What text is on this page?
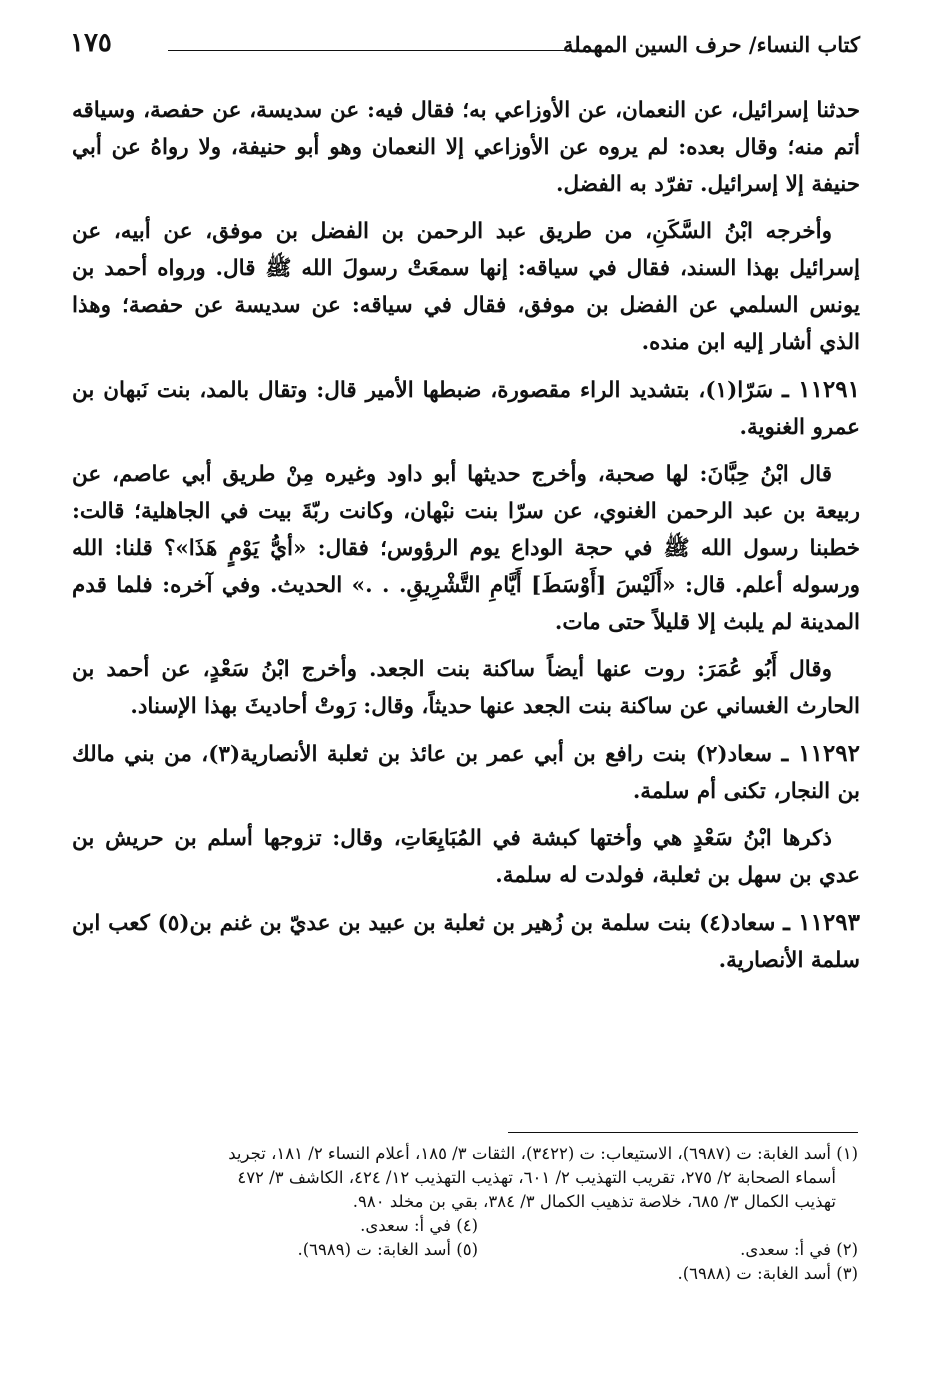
كتاب النساء/ حرف السين المهملة
١٧٥

حدثنا إسرائيل، عن النعمان، عن الأوزاعي به؛ فقال فيه: عن سديسة، عن حفصة، وسياقه أتم منه؛ وقال بعده: لم يروه عن الأوزاعي إلا النعمان وهو أبو حنيفة، ولا رواهُ عن أبي حنيفة إلا إسرائيل. تفرّد به الفضل.

وأخرجه ابْنُ السَّكَنِ، من طريق عبد الرحمن بن الفضل بن موفق، عن أبيه، عن إسرائيل بهذا السند، فقال في سياقه: إنها سمعَتْ رسولَ الله ﷺ قال. ورواه أحمد بن يونس السلمي عن الفضل بن موفق، فقال في سياقه: عن سديسة عن حفصة؛ وهذا الذي أشار إليه ابن منده.

١١٢٩١ ـ سَرّا(١)، بتشديد الراء مقصورة، ضبطها الأمير قال: وتقال بالمد، بنت نَبهان بن عمرو الغنوية.

قال ابْنُ حِبَّانَ: لها صحبة، وأخرج حديثها أبو داود وغيره مِنْ طريق أبي عاصم، عن ربيعة بن عبد الرحمن الغنوي، عن سرّا بنت نبْهان، وكانت ربّةَ بيت في الجاهلية؛ قالت: خطبنا رسول الله ﷺ في حجة الوداع يوم الرؤوس؛ فقال: «أيُّ يَوْمٍ هَذَا»؟ قلنا: الله ورسوله أعلم. قال: «أَلَيْسَ [أَوْسَطَ] أَيَّامِ التَّشْرِيقِ. . .» الحديث. وفي آخره: فلما قدم المدينة لم يلبث إلا قليلاً حتى مات.

وقال أَبُو عُمَرَ: روت عنها أيضاً ساكنة بنت الجعد. وأخرج ابْنُ سَعْدٍ، عن أحمد بن الحارث الغساني عن ساكنة بنت الجعد عنها حديثاً، وقال: رَوتْ أحاديثَ بهذا الإسناد.

١١٢٩٢ ـ سعاد(٢) بنت رافع بن أبي عمر بن عائذ بن ثعلبة الأنصارية(٣)، من بني مالك بن النجار، تكنى أم سلمة.

ذكرها ابْنُ سَعْدٍ هي وأختها كبشة في المُبَايِعَاتِ، وقال: تزوجها أسلم بن حريش بن عدي بن سهل بن ثعلبة، فولدت له سلمة.

١١٢٩٣ ـ سعاد(٤) بنت سلمة بن زُهير بن ثعلبة بن عبيد بن عديّ بن غنم بن(٥) كعب ابن سلمة الأنصارية.

(١) أسد الغابة: ت (٦٩٨٧)، الاستيعاب: ت (٣٤٢٢)، الثقات ٣/ ١٨٥، أعلام النساء ٢/ ١٨١، تجريد

أسماء الصحابة ٢/ ٢٧٥، تقريب التهذيب ٢/ ٦٠١، تهذيب التهذيب ١٢/ ٤٢٤، الكاشف ٣/ ٤٧٢

تهذيب الكمال ٣/ ٦٨٥، خلاصة تذهيب الكمال ٣/ ٣٨٤، بقي بن مخلد ٩٨٠.

(٢) في أ: سعدى.

(٣) أسد الغابة: ت (٦٩٨٨).

(٤) في أ: سعدى.

(٥) أسد الغابة: ت (٦٩٨٩).
